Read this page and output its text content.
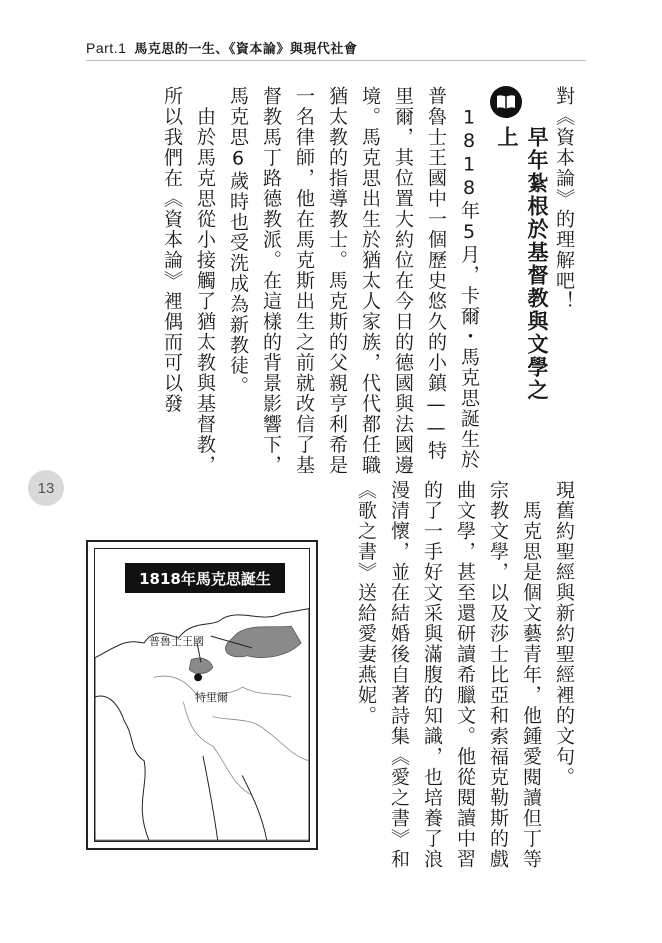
Part.1 馬克思的一生、《資本論》與現代社會

對《資本論》的理解吧！

　1818年5月，卡爾・馬克思誕生於普魯士王國中一個歷史悠久的小鎮——特里爾，其位置大約位在今日的德國與法國邊境。馬克思出生於猶太人家族，代代都任職猶太教的指導教士。馬克斯的父親亨利希是一名律師，他在馬克斯出生之前就改信了基督教馬丁路德教派。在這樣的背景影響下，馬克思6歲時也受洗成為新教徒。

　由於馬克思從小接觸了猶太教與基督教，所以我們在《資本論》裡偶而可以發	早年紮根於基督教與文學之上
13	現舊約聖經與新約聖經裡的文句。

　馬克思是個文藝青年，他鍾愛閱讀但丁等宗教文學，以及莎士比亞和索福克勒斯的戲曲文學，甚至還研讀希臘文。他從閱讀中習的了一手好文采與滿腹的知識，也培養了浪漫清懷，並在結婚後自著詩集《愛之書》和《歌之書》送給愛妻燕妮。

1818年馬克思誕生
普魯士王國
特里爾
